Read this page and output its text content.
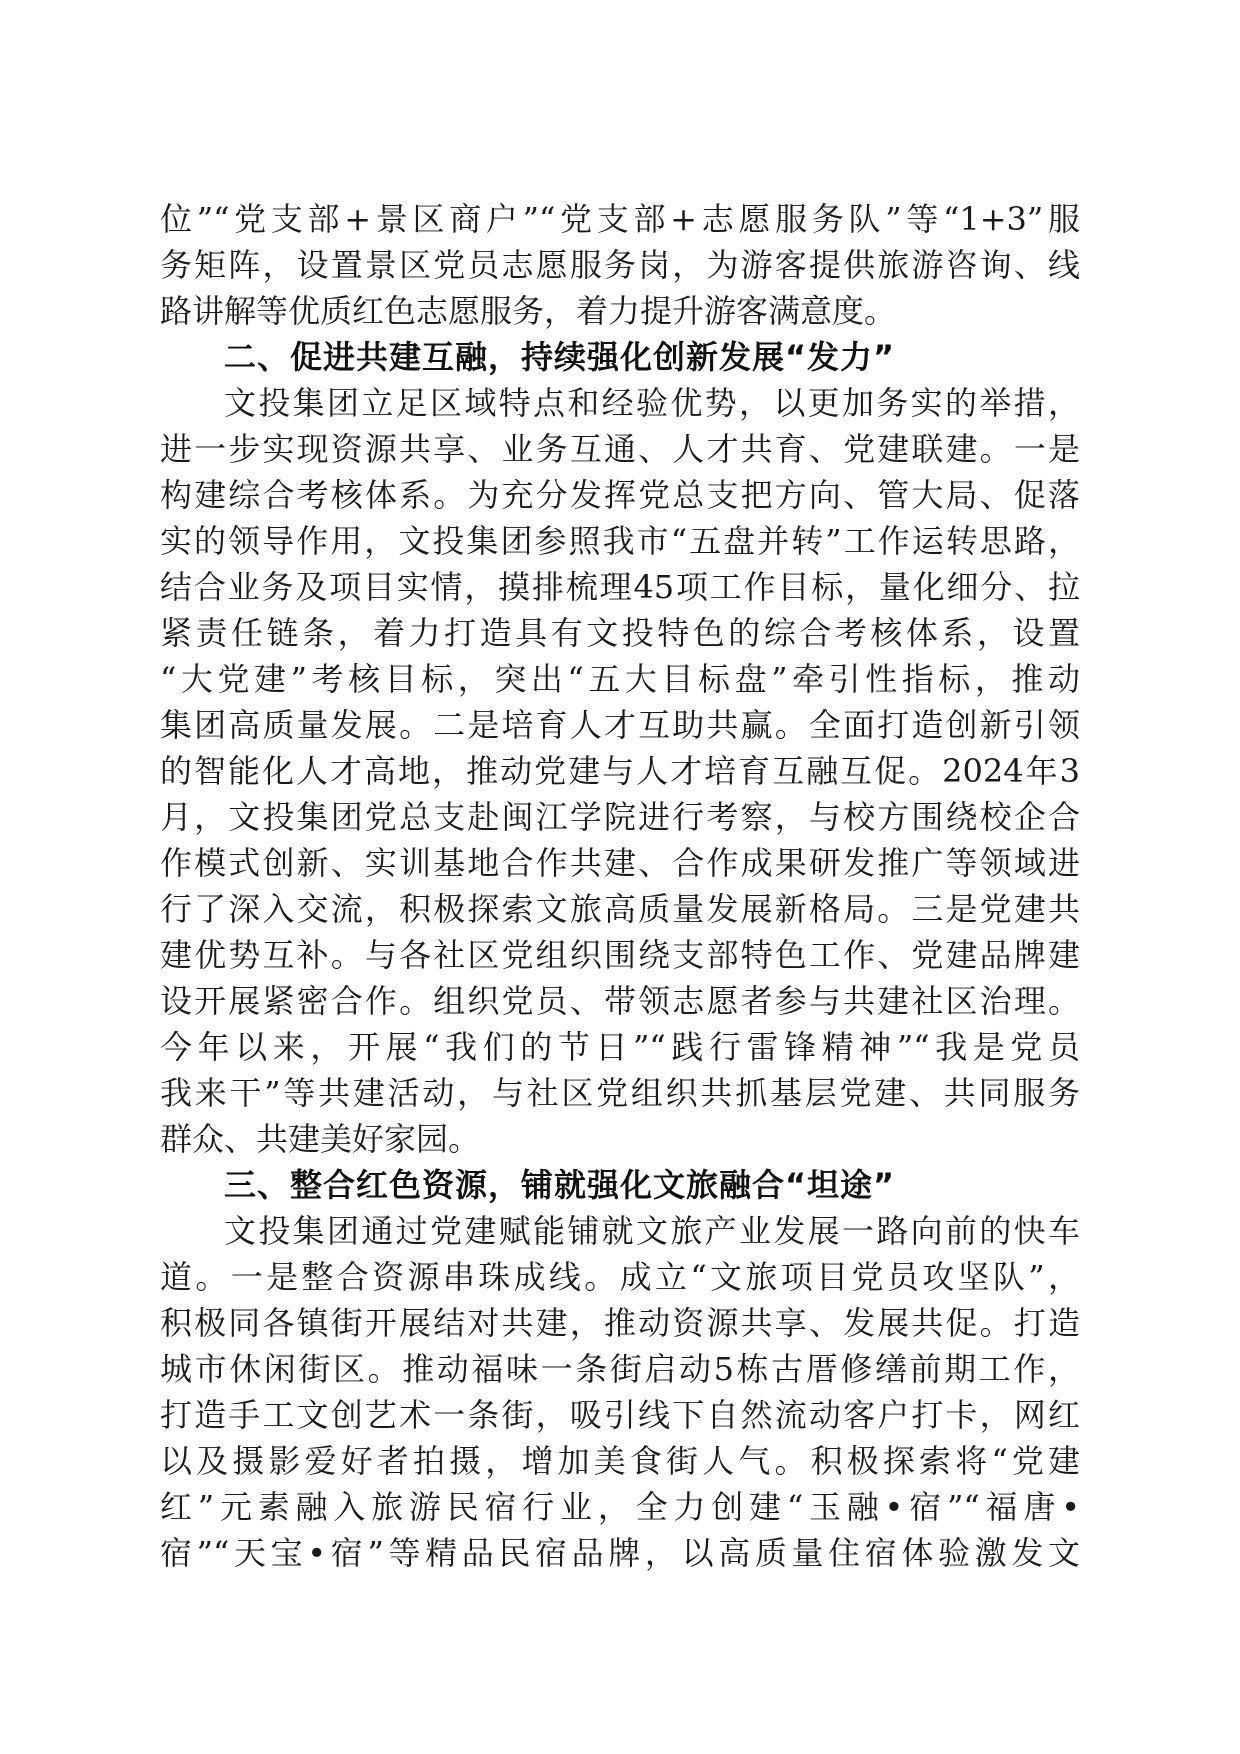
位”“党支部+景区商户”“党支部+志愿服务队”等“1+3”服
务矩阵，设置景区党员志愿服务岗，为游客提供旅游咨询、线
路讲解等优质红色志愿服务，着力提升游客满意度。
二、促进共建互融，持续强化创新发展“发力”
文投集团立足区域特点和经验优势，以更加务实的举措，
进一步实现资源共享、业务互通、人才共育、党建联建。一是
构建综合考核体系。为充分发挥党总支把方向、管大局、促落
实的领导作用，文投集团参照我市“五盘并转”工作运转思路，
结合业务及项目实情，摸排梳理45项工作目标，量化细分、拉
紧责任链条，着力打造具有文投特色的综合考核体系，设置
“大党建”考核目标，突出“五大目标盘”牵引性指标，推动
集团高质量发展。二是培育人才互助共赢。全面打造创新引领
的智能化人才高地，推动党建与人才培育互融互促。2024年3
月，文投集团党总支赴闽江学院进行考察，与校方围绕校企合
作模式创新、实训基地合作共建、合作成果研发推广等领域进
行了深入交流，积极探索文旅高质量发展新格局。三是党建共
建优势互补。与各社区党组织围绕支部特色工作、党建品牌建
设开展紧密合作。组织党员、带领志愿者参与共建社区治理。
今年以来，开展“我们的节日”“践行雷锋精神”“我是党员
我来干”等共建活动，与社区党组织共抓基层党建、共同服务
群众、共建美好家园。
三、整合红色资源，铺就强化文旅融合“坦途”
文投集团通过党建赋能铺就文旅产业发展一路向前的快车
道。一是整合资源串珠成线。成立“文旅项目党员攻坚队”，
积极同各镇街开展结对共建，推动资源共享、发展共促。打造
城市休闲街区。推动福味一条街启动5栋古厝修缮前期工作，
打造手工文创艺术一条街，吸引线下自然流动客户打卡，网红
以及摄影爱好者拍摄，增加美食街人气。积极探索将“党建
红”元素融入旅游民宿行业，全力创建“玉融•宿”“福唐•
宿”“天宝•宿”等精品民宿品牌，以高质量住宿体验激发文
